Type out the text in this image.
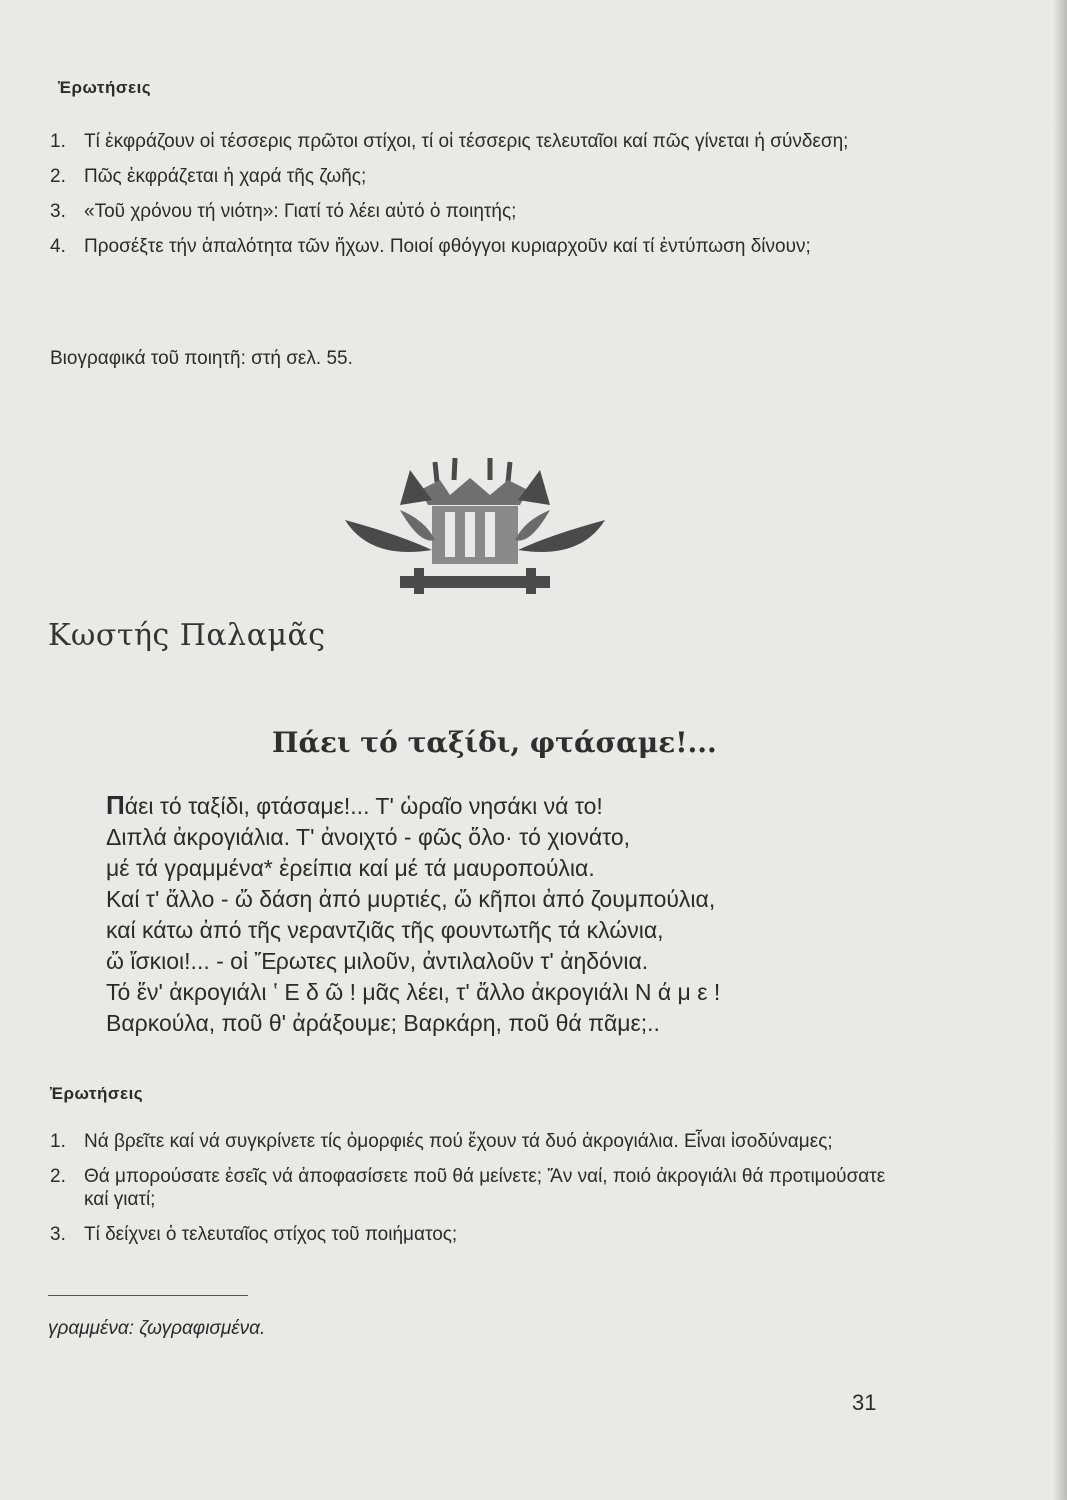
Ἐρωτήσεις
1. Τί ἐκφράζουν οἱ τέσσερις πρῶτοι στίχοι, τί οἱ τέσσερις τελευταῖοι καί πῶς γίνεται ἡ σύνδεση;
2. Πῶς ἐκφράζεται ἡ χαρά τῆς ζωῆς;
3. «Τοῦ χρόνου τή νιότη»: Γιατί τό λέει αὐτό ὁ ποιητής;
4. Προσέξτε τήν ἁπαλότητα τῶν ἤχων. Ποιοί φθόγγοι κυριαρχοῦν καί τί ἐντύπωση δίνουν;
Βιογραφικά τοῦ ποιητῆ: στή σελ. 55.
Κωστής Παλαμᾶς
Πάει τό ταξίδι, φτάσαμε!...
Πάει τό ταξίδι, φτάσαμε!... Τ' ὡραῖο νησάκι νά το!
Διπλά ἀκρογιάλια. Τ' ἀνοιχτό - φῶς ὅλο· τό χιονάτο,
μέ τά γραμμένα* ἐρείπια καί μέ τά μαυροπούλια.
Καί τ' ἄλλο - ὤ δάση ἀπό μυρτιές, ὤ κῆποι ἀπό ζουμπούλια,
καί κάτω ἀπό τῆς νεραντζιᾶς τῆς φουντωτῆς τά κλώνια,
ὤ ἴσκιοι!... - οἱ Ἔρωτες μιλοῦν, ἀντιλαλοῦν τ' ἀηδόνια.
Τό ἕν' ἀκρογιάλι ʽ Ε δ ῶ ! μᾶς λέει, τ' ἄλλο ἀκρογιάλι Ν ά μ ε !
Βαρκούλα, ποῦ θ' ἀράξουμε; Βαρκάρη, ποῦ θά πᾶμε;..
Ἐρωτήσεις
1. Νά βρεῖτε καί νά συγκρίνετε τίς ὀμορφιές πού ἔχουν τά δυό ἀκρογιάλια. Εἶναι ἰσοδύναμες;
2. Θά μπορούσατε ἐσεῖς νά ἀποφασίσετε ποῦ θά μείνετε; Ἄν ναί, ποιό ἀκρογιάλι θά προτιμούσατε καί γιατί;
3. Τί δείχνει ὁ τελευταῖος στίχος τοῦ ποιήματος;
γραμμένα: ζωγραφισμένα.
31
